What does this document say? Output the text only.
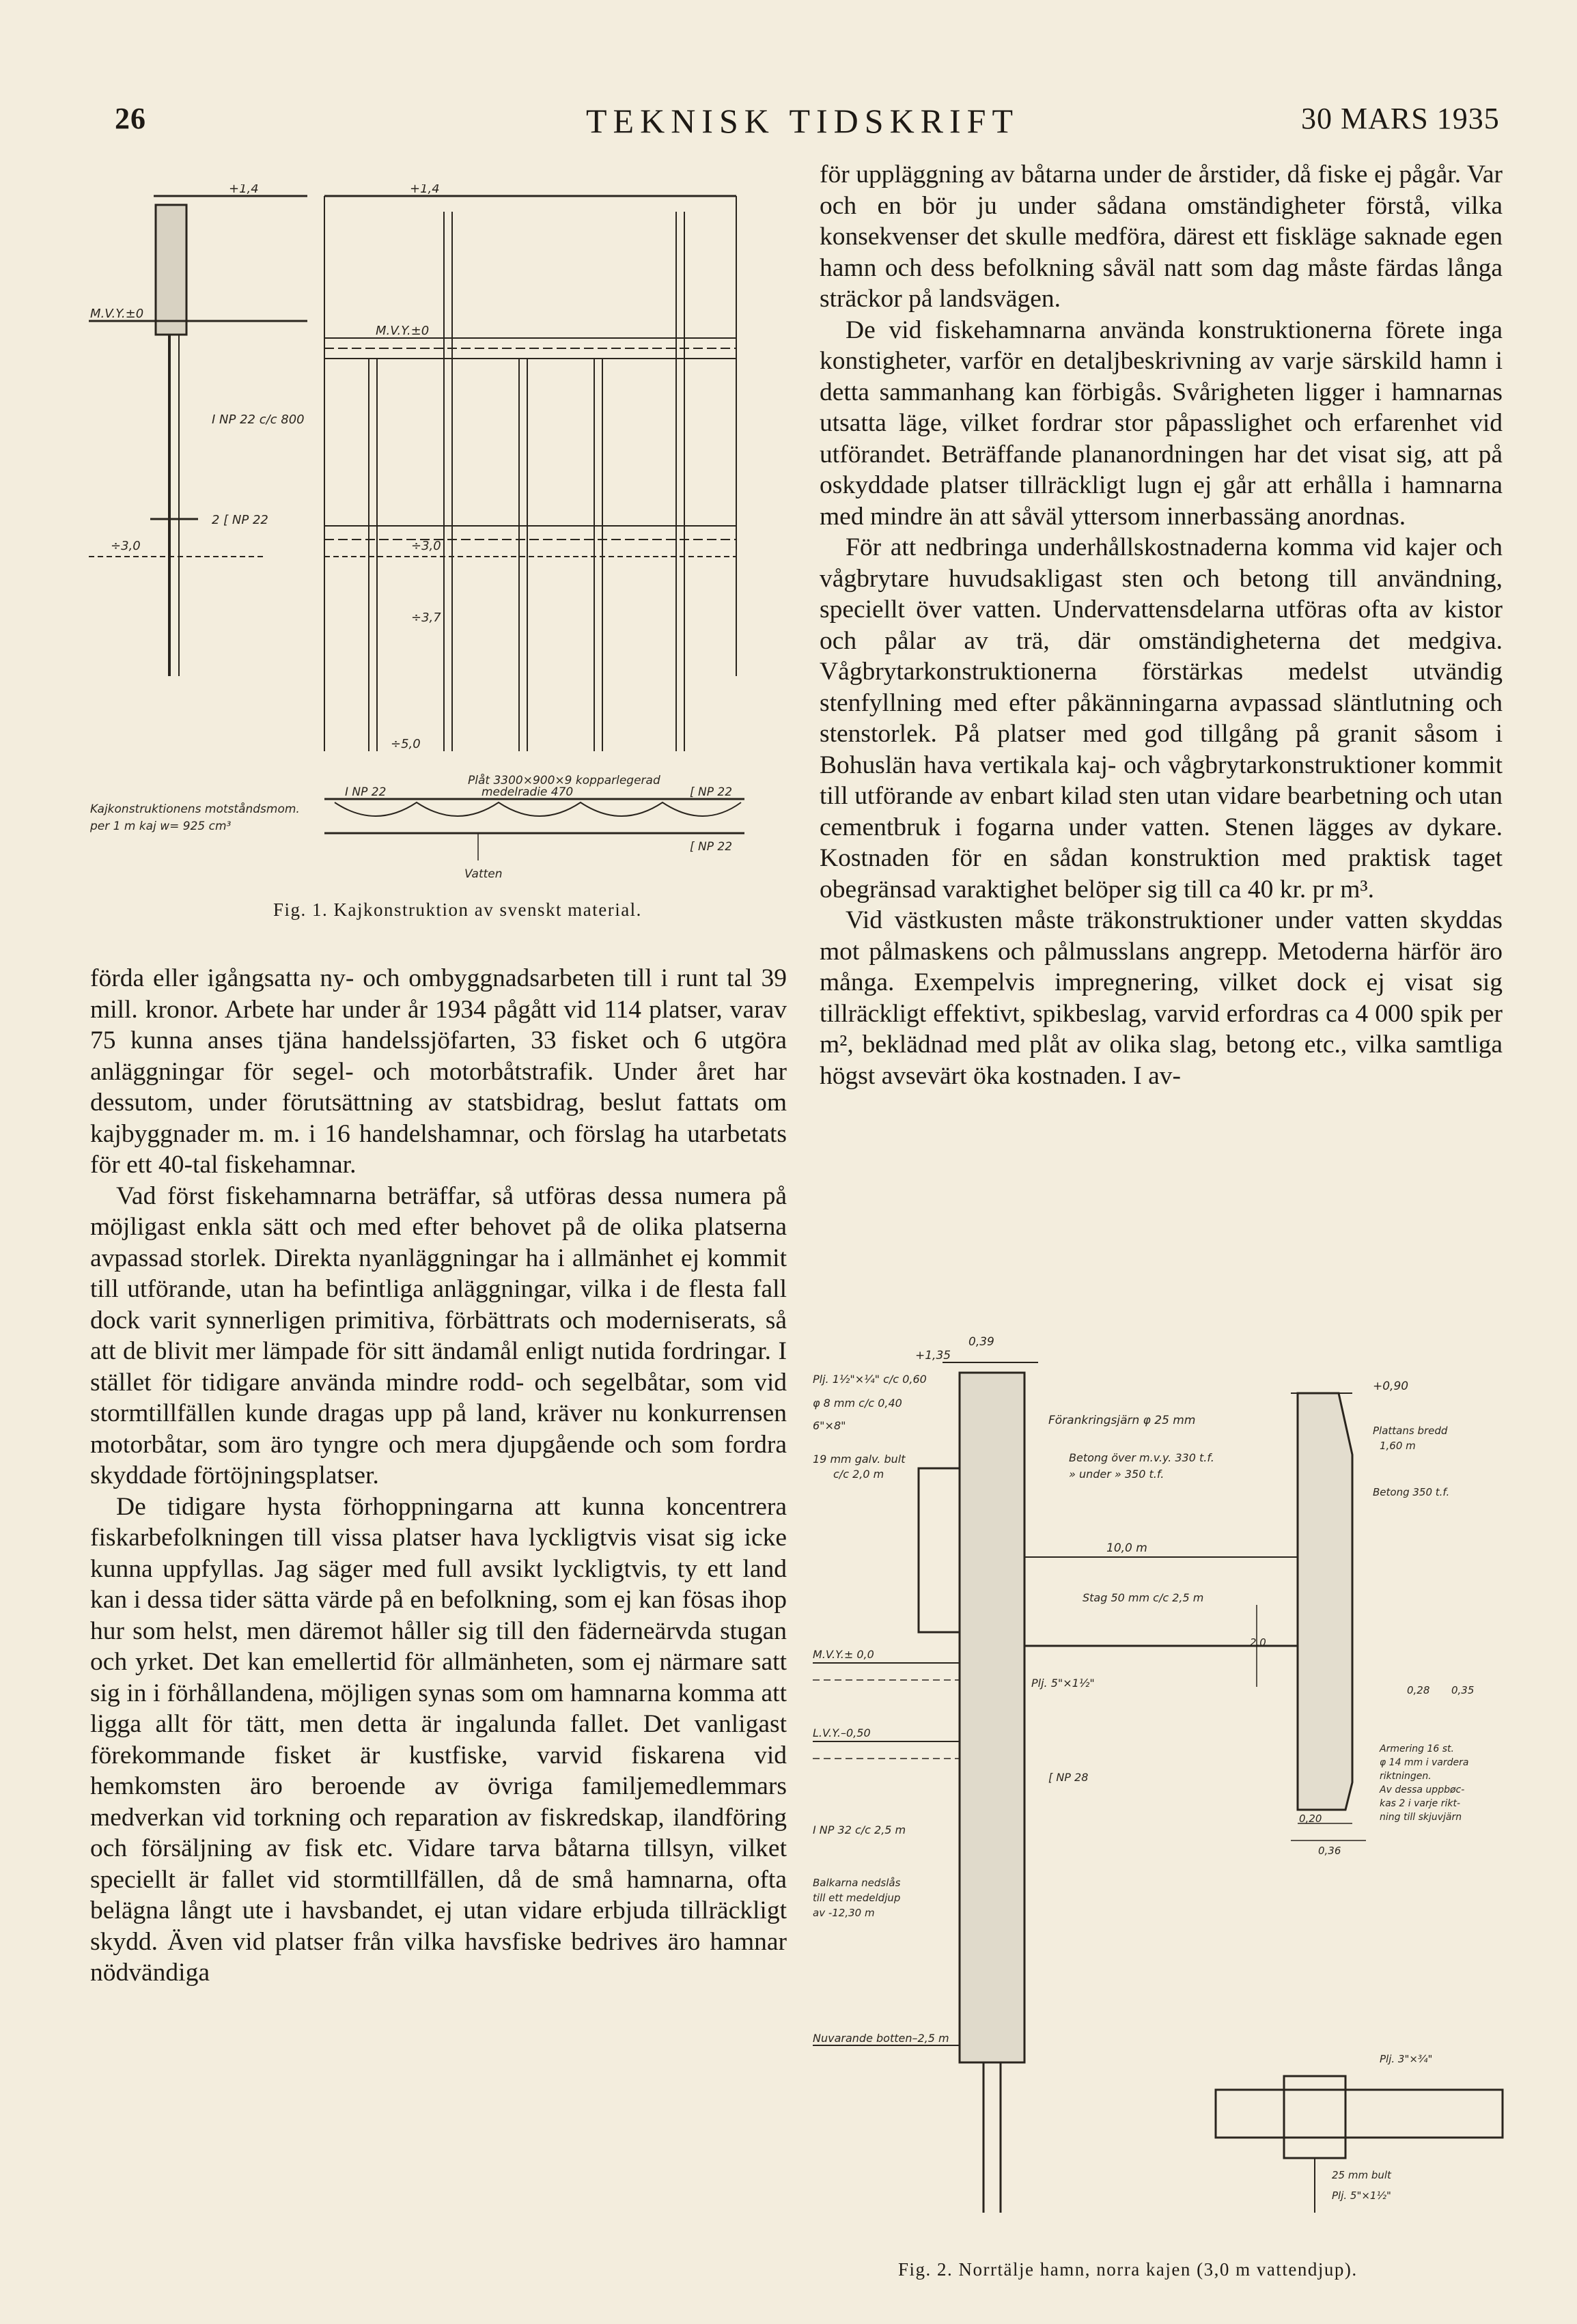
26	TEKNISK TIDSKRIFT	30 MARS 1935
+1,4	+1,4
M.V.Y.±0
M.V.Y.±0
I NP 22 c/c 800
2 [ NP 22
÷3,0	÷3,0
÷3,7
÷5,0
Kajkonstruktionens motståndsmom.
per 1 m kaj w= 925 cm³
Plåt 3300×900×9 kopparlegerad
medelradie 470
I NP 22	[ NP 22
[ NP 22
Vatten
Fig. 1. Kajkonstruktion av svenskt material.

förda eller igångsatta ny- och ombyggnadsarbeten till i runt tal 39 mill. kronor. Arbete har under år 1934 pågått vid 114 platser, varav 75 kunna anses tjäna handelssjöfarten, 33 fisket och 6 utgöra anläggningar för segel- och motorbåtstrafik. Under året har dessutom, under förutsättning av statsbidrag, beslut fattats om kajbyggnader m. m. i 16 handelshamnar, och förslag ha utarbetats för ett 40-tal fiskehamnar.

Vad först fiskehamnarna beträffar, så utföras dessa numera på möjligast enkla sätt och med efter behovet på de olika platserna avpassad storlek. Direkta nyanläggningar ha i allmänhet ej kommit till utförande, utan ha befintliga anläggningar, vilka i de flesta fall dock varit synnerligen primitiva, förbättrats och moderniserats, så att de blivit mer lämpade för sitt ändamål enligt nutida fordringar. I stället för tidigare använda mindre rodd- och segelbåtar, som vid stormtillfällen kunde dragas upp på land, kräver nu konkurrensen motorbåtar, som äro tyngre och mera djupgående och som fordra skyddade förtöjningsplatser.

De tidigare hysta förhoppningarna att kunna koncentrera fiskarbefolkningen till vissa platser hava lyckligtvis visat sig icke kunna uppfyllas. Jag säger med full avsikt lyckligtvis, ty ett land kan i dessa tider sätta värde på en befolkning, som ej kan fösas ihop hur som helst, men däremot håller sig till den fäderneärvda stugan och yrket. Det kan emellertid för allmänheten, som ej närmare satt sig in i förhållandena, möjligen synas som om hamnarna komma att ligga allt för tätt, men detta är ingalunda fallet. Det vanligast förekommande fisket är kustfiske, varvid fiskarena vid hemkomsten äro beroende av övriga familjemedlemmars medverkan vid torkning och reparation av fiskredskap, ilandföring och försäljning av fisk etc. Vidare tarva båtarna tillsyn, vilket speciellt är fallet vid stormtillfällen, då de små hamnarna, ofta belägna långt ute i havsbandet, ej utan vidare erbjuda tillräckligt skydd. Även vid platser från vilka havsfiske bedrives äro hamnar nödvändiga

för uppläggning av båtarna under de årstider, då fiske ej pågår. Var och en bör ju under sådana omständigheter förstå, vilka konsekvenser det skulle medföra, därest ett fiskläge saknade egen hamn och dess befolkning såväl natt som dag måste färdas långa sträckor på landsvägen.

De vid fiskehamnarna använda konstruktionerna förete inga konstigheter, varför en detaljbeskrivning av varje särskild hamn i detta sammanhang kan förbigås. Svårigheten ligger i hamnarnas utsatta läge, vilket fordrar stor påpasslighet och erfarenhet vid utförandet. Beträffande plananordningen har det visat sig, att på oskyddade platser tillräckligt lugn ej går att erhålla i hamnarna med mindre än att såväl yttersom innerbassäng anordnas.

För att nedbringa underhållskostnaderna komma vid kajer och vågbrytare huvudsakligast sten och betong till användning, speciellt över vatten. Undervattensdelarna utföras ofta av kistor och pålar av trä, där omständigheterna det medgiva. Vågbrytarkonstruktionerna förstärkas medelst utvändig stenfyllning med efter påkänningarna avpassad släntlutning och stenstorlek. På platser med god tillgång på granit såsom i Bohuslän hava vertikala kaj- och vågbrytarkonstruktioner kommit till utförande av enbart kilad sten utan vidare bearbetning och utan cementbruk i fogarna under vatten. Stenen lägges av dykare. Kostnaden för en sådan konstruktion med praktisk taget obegränsad varaktighet belöper sig till ca 40 kr. pr m³.

Vid västkusten måste träkonstruktioner under vatten skyddas mot pålmaskens och pålmusslans angrepp. Metoderna härför äro många. Exempelvis impregnering, vilket dock ej visat sig tillräckligt effektivt, spikbeslag, varvid erfordras ca 4 000 spik per m², beklädnad med plåt av olika slag, betong etc., vilka samtliga högst avsevärt öka kostnaden. I av-

0,39
+1,35
Plj. 1½"×¼" c/c 0,60
φ 8 mm c/c 0,40
6"×8"
19 mm galv. bult
c/c 2,0 m
Förankringsjärn φ 25 mm
Betong över m.v.y. 330 t.f.
» under » 350 t.f.
10,0 m
Stag 50 mm c/c 2,5 m
M.V.Y.± 0,0
Plj. 5"×1½"
L.V.Y.–0,50
[ NP 28
I NP 32 c/c 2,5 m
Balkarna nedslås
till ett medeldjup
av -12,30 m
Nuvarande botten–2,5 m
+0,90
Plattans bredd
1,60 m
Betong 350 t.f.
2,0
0,28 0,35
Armering 16 st.
φ 14 mm i vardera
riktningen.
Av dessa uppbøc-
kas 2 i varje rikt-
ning till skjuvjärn
0,20
0,36
Plj. 3"×¾"
25 mm bult
Plj. 5"×1½"
Fig. 2. Norrtälje hamn, norra kajen (3,0 m vattendjup).
